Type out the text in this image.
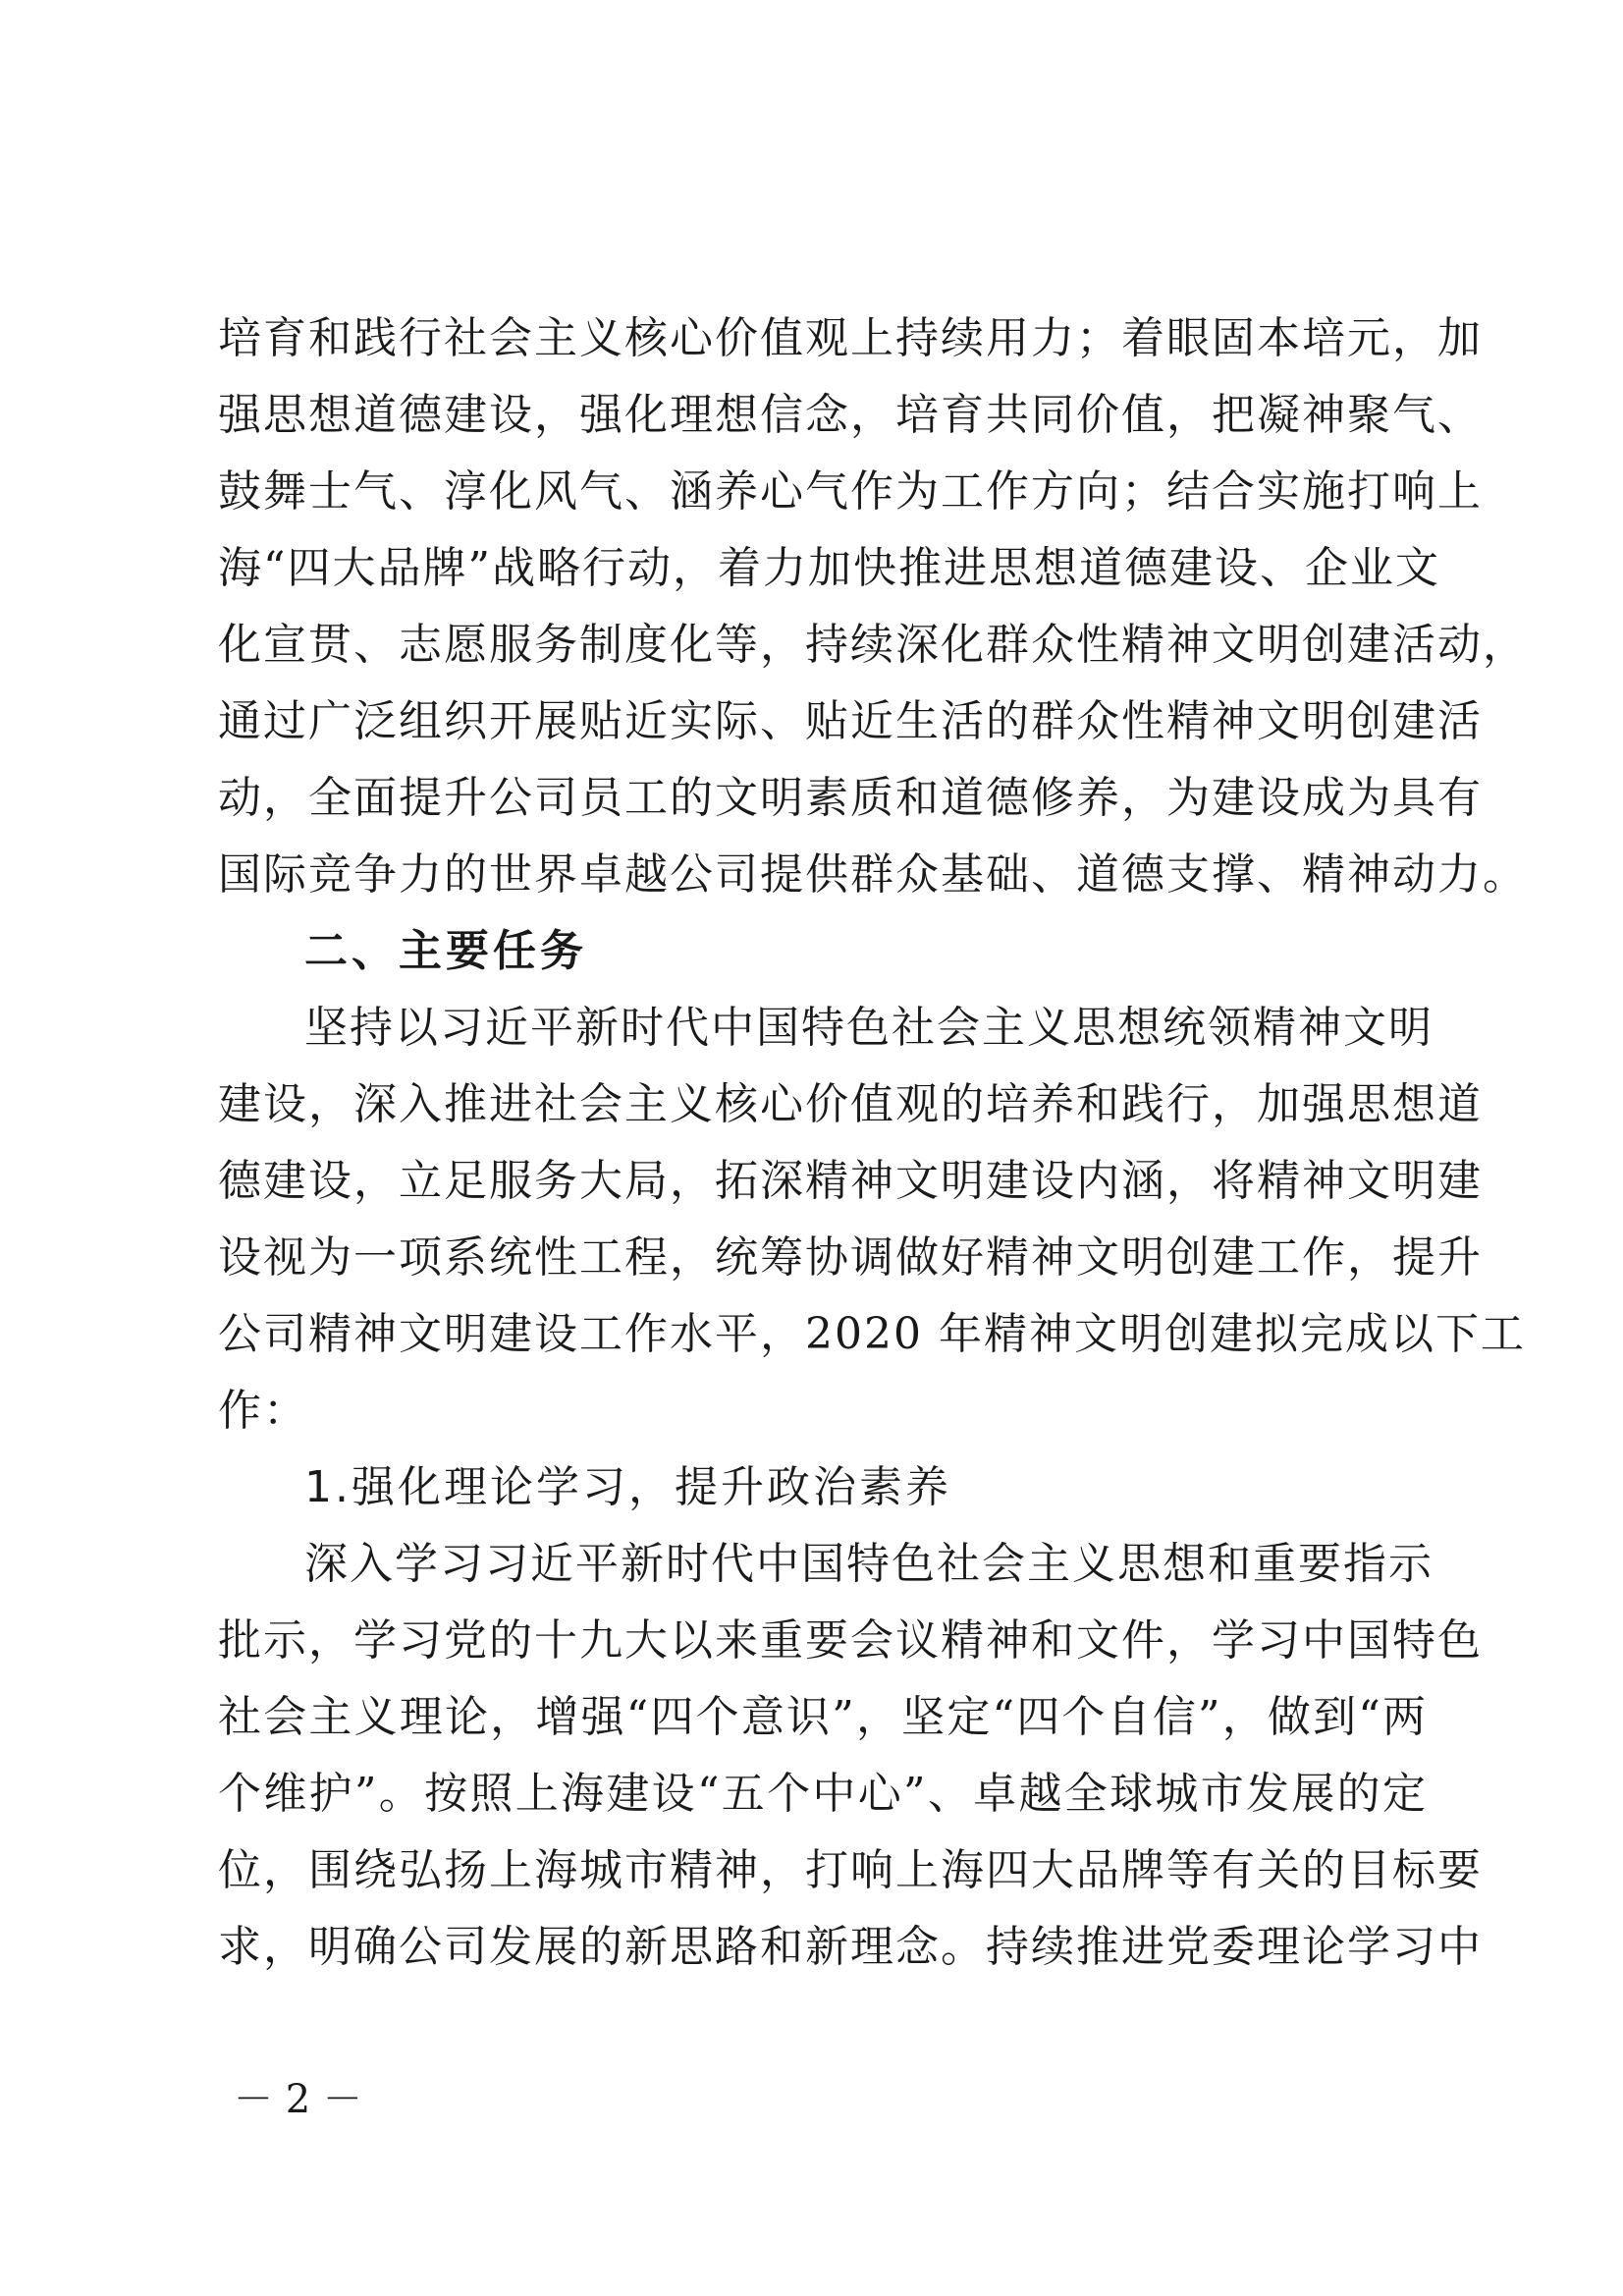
培育和践行社会主义核心价值观上持续用力；着眼固本培元，加
强思想道德建设，强化理想信念，培育共同价值，把凝神聚气、
鼓舞士气、淳化风气、涵养心气作为工作方向；结合实施打响上
海“四大品牌”战略行动，着力加快推进思想道德建设、企业文
化宣贯、志愿服务制度化等，持续深化群众性精神文明创建活动，
通过广泛组织开展贴近实际、贴近生活的群众性精神文明创建活
动，全面提升公司员工的文明素质和道德修养，为建设成为具有
国际竞争力的世界卓越公司提供群众基础、道德支撑、精神动力。
二、主要任务
坚持以习近平新时代中国特色社会主义思想统领精神文明
建设，深入推进社会主义核心价值观的培养和践行，加强思想道
德建设，立足服务大局，拓深精神文明建设内涵，将精神文明建
设视为一项系统性工程，统筹协调做好精神文明创建工作，提升
公司精神文明建设工作水平，2020 年精神文明创建拟完成以下工
作：
1.强化理论学习，提升政治素养
深入学习习近平新时代中国特色社会主义思想和重要指示
批示，学习党的十九大以来重要会议精神和文件，学习中国特色
社会主义理论，增强“四个意识”，坚定“四个自信”，做到“两
个维护”。按照上海建设“五个中心”、卓越全球城市发展的定
位，围绕弘扬上海城市精神，打响上海四大品牌等有关的目标要
求，明确公司发展的新思路和新理念。持续推进党委理论学习中
－ 2 －
